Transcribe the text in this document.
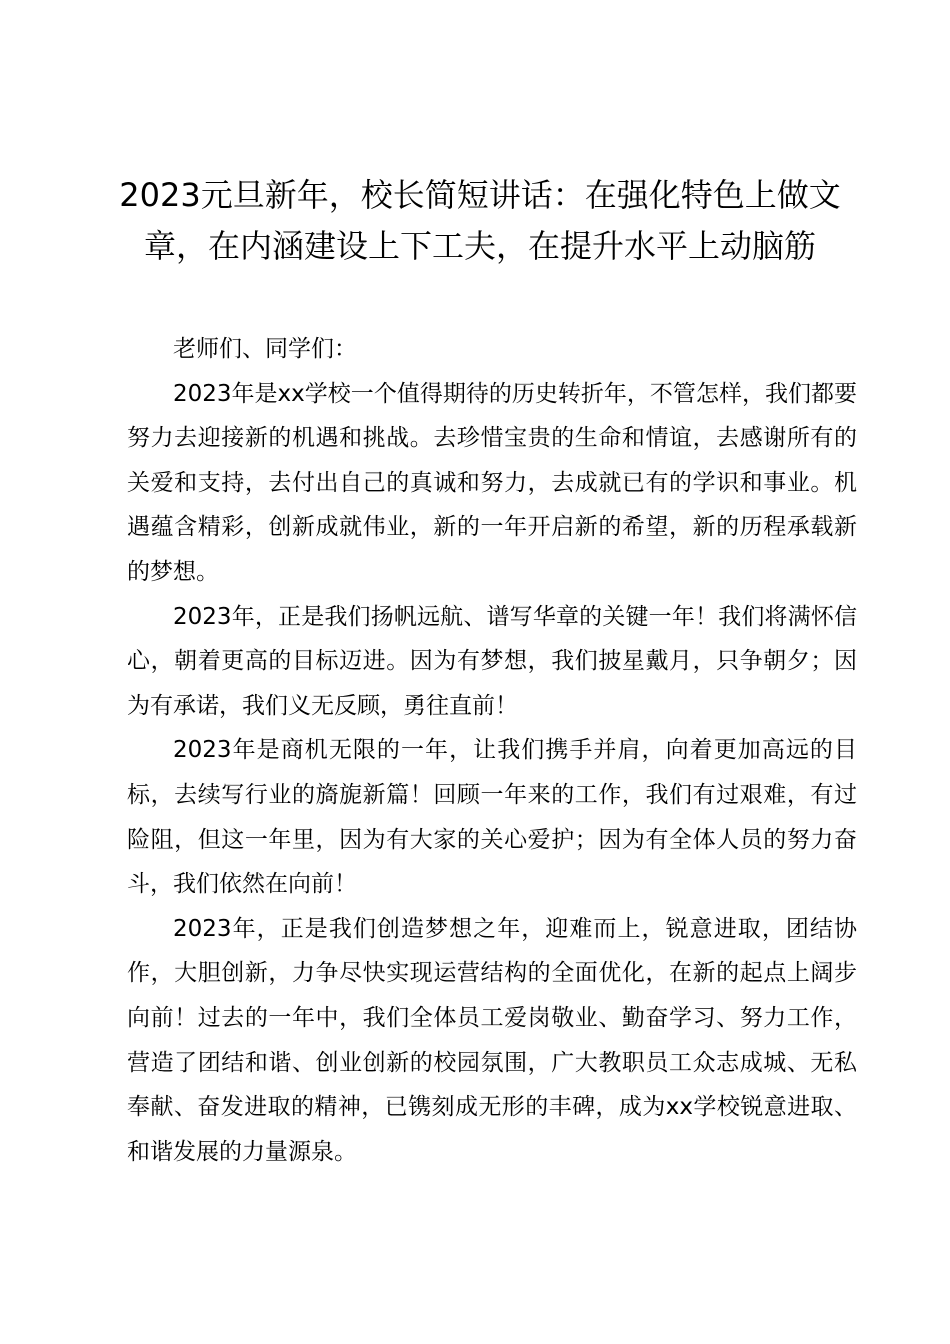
2023元旦新年，校长简短讲话：在强化特色上做文章，在内涵建设上下工夫，在提升水平上动脑筋

老师们、同学们：

2023年是xx学校一个值得期待的历史转折年，不管怎样，我们都要努力去迎接新的机遇和挑战。去珍惜宝贵的生命和情谊，去感谢所有的关爱和支持，去付出自己的真诚和努力，去成就已有的学识和事业。机遇蕴含精彩，创新成就伟业，新的一年开启新的希望，新的历程承载新的梦想。

2023年，正是我们扬帆远航、谱写华章的关键一年！我们将满怀信心，朝着更高的目标迈进。因为有梦想，我们披星戴月，只争朝夕；因为有承诺，我们义无反顾，勇往直前！

2023年是商机无限的一年，让我们携手并肩，向着更加高远的目标，去续写行业的旖旎新篇！回顾一年来的工作，我们有过艰难，有过险阻，但这一年里，因为有大家的关心爱护；因为有全体人员的努力奋斗，我们依然在向前！

2023年，正是我们创造梦想之年，迎难而上，锐意进取，团结协作，大胆创新，力争尽快实现运营结构的全面优化，在新的起点上阔步向前！过去的一年中，我们全体员工爱岗敬业、勤奋学习、努力工作，营造了团结和谐、创业创新的校园氛围，广大教职员工众志成城、无私奉献、奋发进取的精神，已镌刻成无形的丰碑，成为xx学校锐意进取、和谐发展的力量源泉。
